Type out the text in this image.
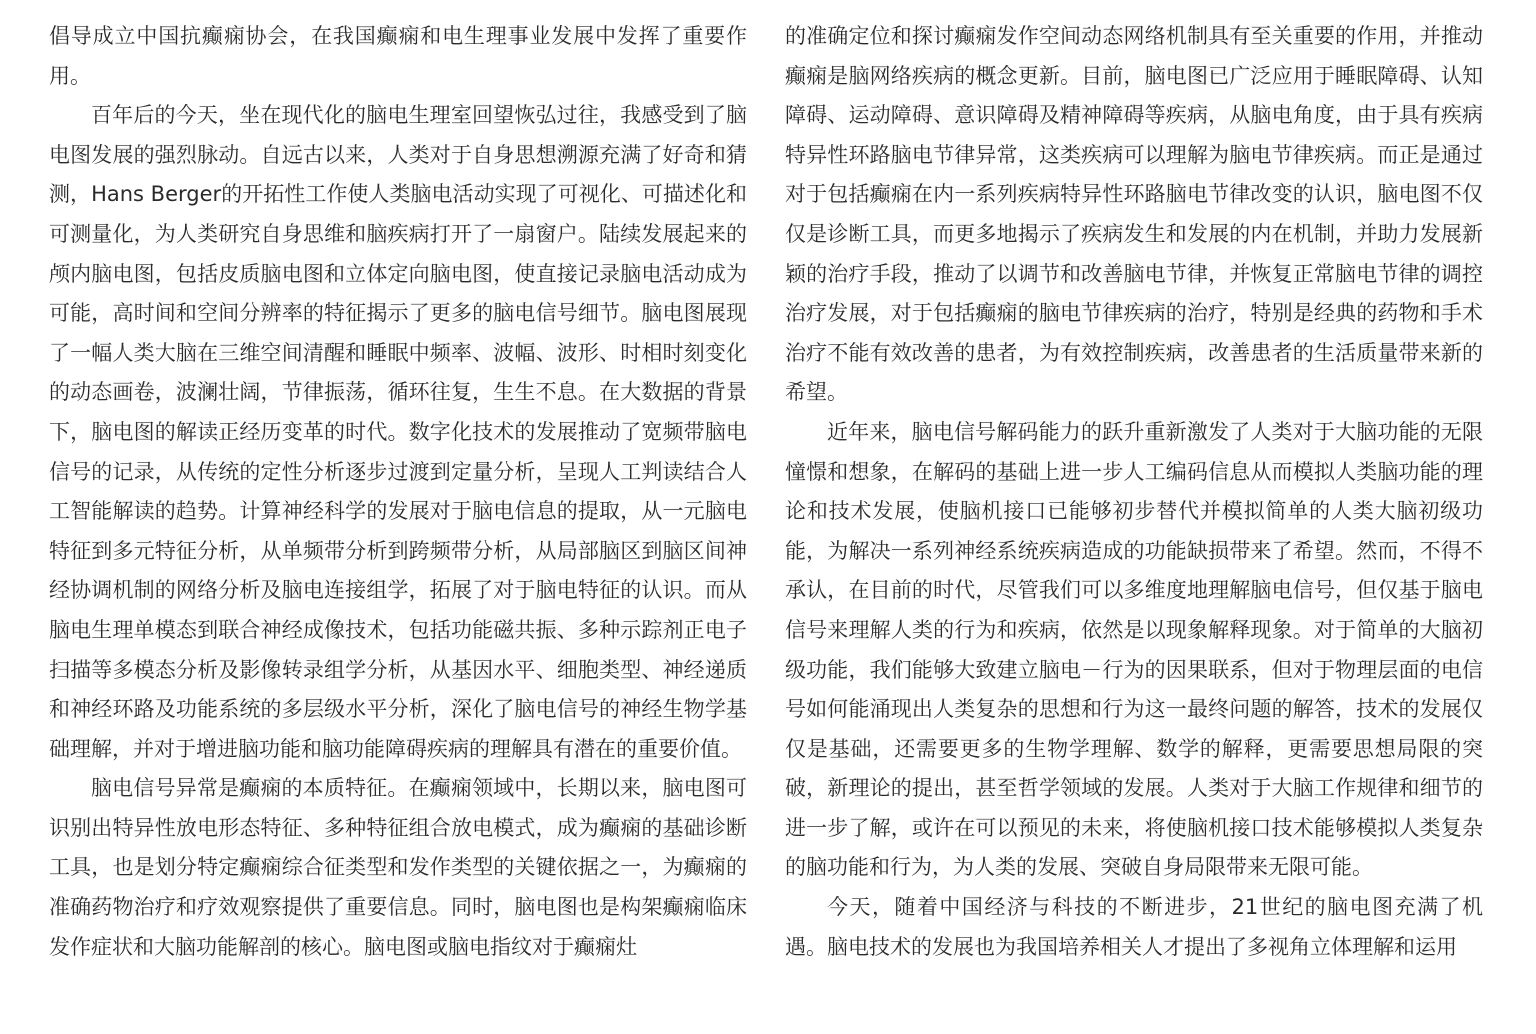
倡导成立中国抗癫痫协会，在我国癫痫和电生理事业发展中发挥了重要作用。

百年后的今天，坐在现代化的脑电生理室回望恢弘过往，我感受到了脑电图发展的强烈脉动。自远古以来，人类对于自身思想溯源充满了好奇和猜测，Hans Berger的开拓性工作使人类脑电活动实现了可视化、可描述化和可测量化，为人类研究自身思维和脑疾病打开了一扇窗户。陆续发展起来的颅内脑电图，包括皮质脑电图和立体定向脑电图，使直接记录脑电活动成为可能，高时间和空间分辨率的特征揭示了更多的脑电信号细节。脑电图展现了一幅人类大脑在三维空间清醒和睡眠中频率、波幅、波形、时相时刻变化的动态画卷，波澜壮阔，节律振荡，循环往复，生生不息。在大数据的背景下，脑电图的解读正经历变革的时代。数字化技术的发展推动了宽频带脑电信号的记录，从传统的定性分析逐步过渡到定量分析，呈现人工判读结合人工智能解读的趋势。计算神经科学的发展对于脑电信息的提取，从一元脑电特征到多元特征分析，从单频带分析到跨频带分析，从局部脑区到脑区间神经协调机制的网络分析及脑电连接组学，拓展了对于脑电特征的认识。而从脑电生理单模态到联合神经成像技术，包括功能磁共振、多种示踪剂正电子扫描等多模态分析及影像转录组学分析，从基因水平、细胞类型、神经递质和神经环路及功能系统的多层级水平分析，深化了脑电信号的神经生物学基础理解，并对于增进脑功能和脑功能障碍疾病的理解具有潜在的重要价值。

脑电信号异常是癫痫的本质特征。在癫痫领域中，长期以来，脑电图可识别出特异性放电形态特征、多种特征组合放电模式，成为癫痫的基础诊断工具，也是划分特定癫痫综合征类型和发作类型的关键依据之一，为癫痫的准确药物治疗和疗效观察提供了重要信息。同时，脑电图也是构架癫痫临床发作症状和大脑功能解剖的核心。脑电图或脑电指纹对于癫痫灶

的准确定位和探讨癫痫发作空间动态网络机制具有至关重要的作用，并推动癫痫是脑网络疾病的概念更新。目前，脑电图已广泛应用于睡眠障碍、认知障碍、运动障碍、意识障碍及精神障碍等疾病，从脑电角度，由于具有疾病特异性环路脑电节律异常，这类疾病可以理解为脑电节律疾病。而正是通过对于包括癫痫在内一系列疾病特异性环路脑电节律改变的认识，脑电图不仅仅是诊断工具，而更多地揭示了疾病发生和发展的内在机制，并助力发展新颖的治疗手段，推动了以调节和改善脑电节律，并恢复正常脑电节律的调控治疗发展，对于包括癫痫的脑电节律疾病的治疗，特别是经典的药物和手术治疗不能有效改善的患者，为有效控制疾病，改善患者的生活质量带来新的希望。

近年来，脑电信号解码能力的跃升重新激发了人类对于大脑功能的无限憧憬和想象，在解码的基础上进一步人工编码信息从而模拟人类脑功能的理论和技术发展，使脑机接口已能够初步替代并模拟简单的人类大脑初级功能，为解决一系列神经系统疾病造成的功能缺损带来了希望。然而，不得不承认，在目前的时代，尽管我们可以多维度地理解脑电信号，但仅基于脑电信号来理解人类的行为和疾病，依然是以现象解释现象。对于简单的大脑初级功能，我们能够大致建立脑电－行为的因果联系，但对于物理层面的电信号如何能涌现出人类复杂的思想和行为这一最终问题的解答，技术的发展仅仅是基础，还需要更多的生物学理解、数学的解释，更需要思想局限的突破，新理论的提出，甚至哲学领域的发展。人类对于大脑工作规律和细节的进一步了解，或许在可以预见的未来，将使脑机接口技术能够模拟人类复杂的脑功能和行为，为人类的发展、突破自身局限带来无限可能。

今天，随着中国经济与科技的不断进步，21世纪的脑电图充满了机遇。脑电技术的发展也为我国培养相关人才提出了多视角立体理解和运用
